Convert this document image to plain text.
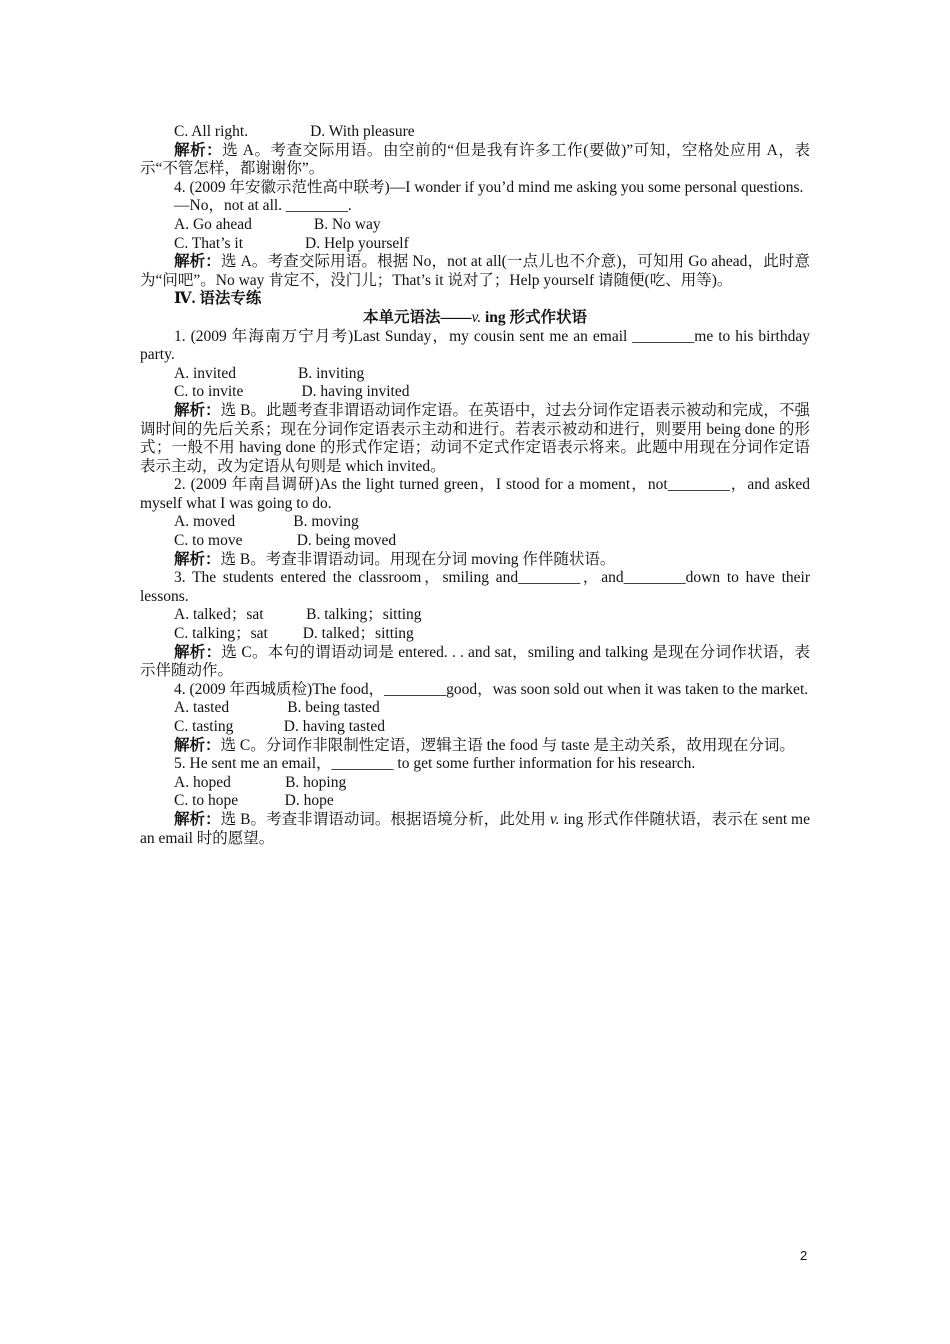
C. All right.                D. With pleasure

解析：选 A。考查交际用语。由空前的“但是我有许多工作(要做)”可知，空格处应用 A，表示“不管怎样，都谢谢你”。

4. (2009 年安徽示范性高中联考)—I wonder if you’d mind me asking you some personal questions.

—No，not at all. ________.

A. Go ahead                B. No way

C. That’s it                D. Help yourself

解析：选 A。考查交际用语。根据 No，not at all(一点儿也不介意)，可知用 Go ahead，此时意为“问吧”。No way 肯定不，没门儿；That’s it 说对了；Help yourself 请随便(吃、用等)。

Ⅳ. 语法专练

本单元语法——v. ing 形式作状语

1. (2009 年海南万宁月考)Last Sunday，my cousin sent me an email ________me to his birthday party.

A. invited                B. inviting

C. to invite               D. having invited

解析：选 B。此题考查非谓语动词作定语。在英语中，过去分词作定语表示被动和完成，不强调时间的先后关系；现在分词作定语表示主动和进行。若表示被动和进行，则要用 being done 的形式；一般不用 having done 的形式作定语；动词不定式作定语表示将来。此题中用现在分词作定语表示主动，改为定语从句则是 which invited。

2. (2009 年南昌调研)As the light turned green，I stood for a moment，not________，and asked myself what I was going to do.

A. moved               B. moving

C. to move              D. being moved

解析：选 B。考查非谓语动词。用现在分词 moving 作伴随状语。

3. The students entered the classroom，smiling and________，and________down to have their lessons.

A. talked；sat           B. talking；sitting

C. talking；sat         D. talked；sitting

解析：选 C。本句的谓语动词是 entered. . . and sat，smiling and talking 是现在分词作状语，表示伴随动作。

4. (2009 年西城质检)The food，________good，was soon sold out when it was taken to the market.

A. tasted               B. being tasted

C. tasting             D. having tasted

解析：选 C。分词作非限制性定语，逻辑主语 the food 与 taste 是主动关系，故用现在分词。

5. He sent me an email，________ to get some further information for his research.

A. hoped              B. hoping

C. to hope            D. hope

解析：选 B。考查非谓语动词。根据语境分析，此处用 v. ing 形式作伴随状语，表示在 sent me an email 时的愿望。

2
